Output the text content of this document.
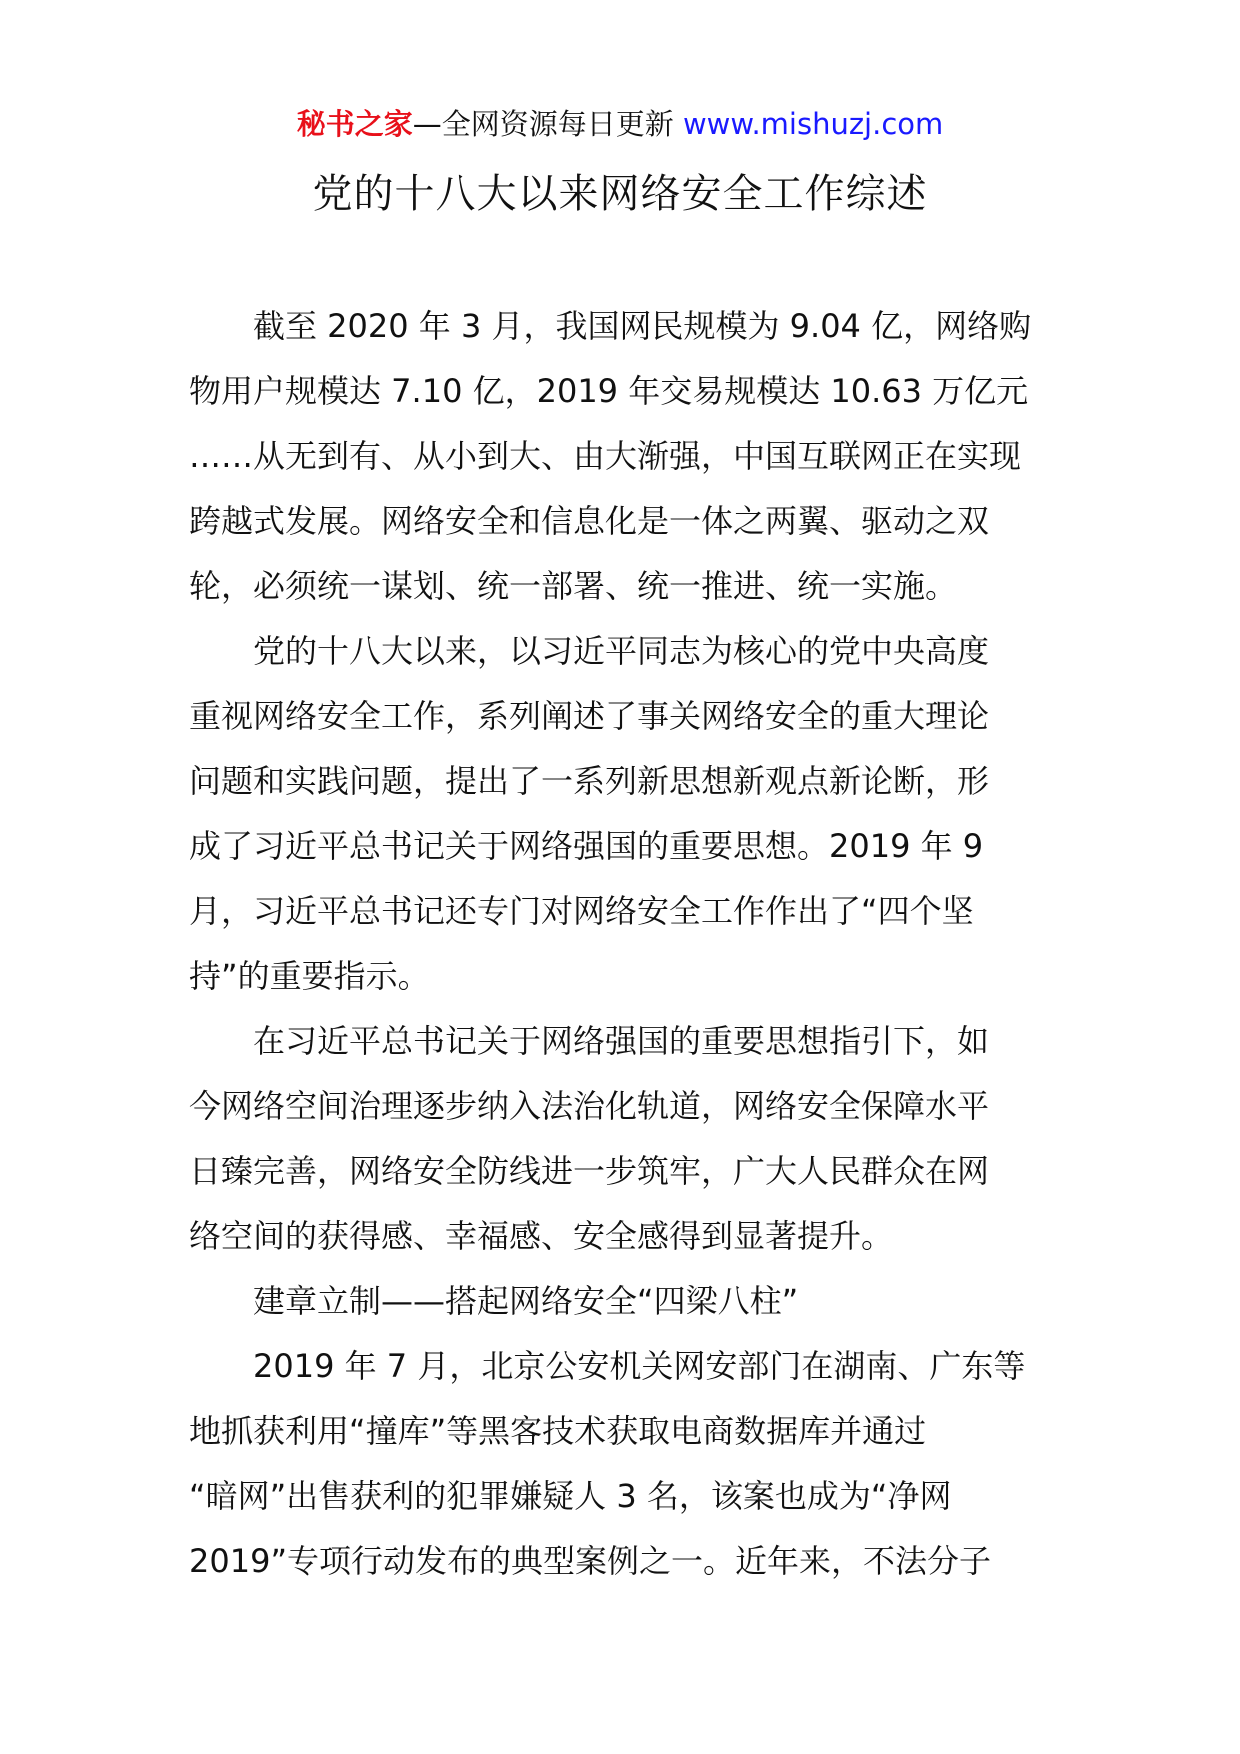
秘书之家—全网资源每日更新 www.mishuzj.com
党的十八大以来网络安全工作综述

　　截至 2020 年 3 月，我国网民规模为 9.04 亿，网络购

物用户规模达 7.10 亿，2019 年交易规模达 10.63 万亿元

……从无到有、从小到大、由大渐强，中国互联网正在实现

跨越式发展。网络安全和信息化是一体之两翼、驱动之双

轮，必须统一谋划、统一部署、统一推进、统一实施。

　　党的十八大以来，以习近平同志为核心的党中央高度

重视网络安全工作，系列阐述了事关网络安全的重大理论

问题和实践问题，提出了一系列新思想新观点新论断，形

成了习近平总书记关于网络强国的重要思想。2019 年 9

月，习近平总书记还专门对网络安全工作作出了“四个坚

持”的重要指示。

　　在习近平总书记关于网络强国的重要思想指引下，如

今网络空间治理逐步纳入法治化轨道，网络安全保障水平

日臻完善，网络安全防线进一步筑牢，广大人民群众在网

络空间的获得感、幸福感、安全感得到显著提升。

　　建章立制——搭起网络安全“四梁八柱”

　　2019 年 7 月，北京公安机关网安部门在湖南、广东等

地抓获利用“撞库”等黑客技术获取电商数据库并通过

“暗网”出售获利的犯罪嫌疑人 3 名，该案也成为“净网

2019”专项行动发布的典型案例之一。近年来，不法分子
